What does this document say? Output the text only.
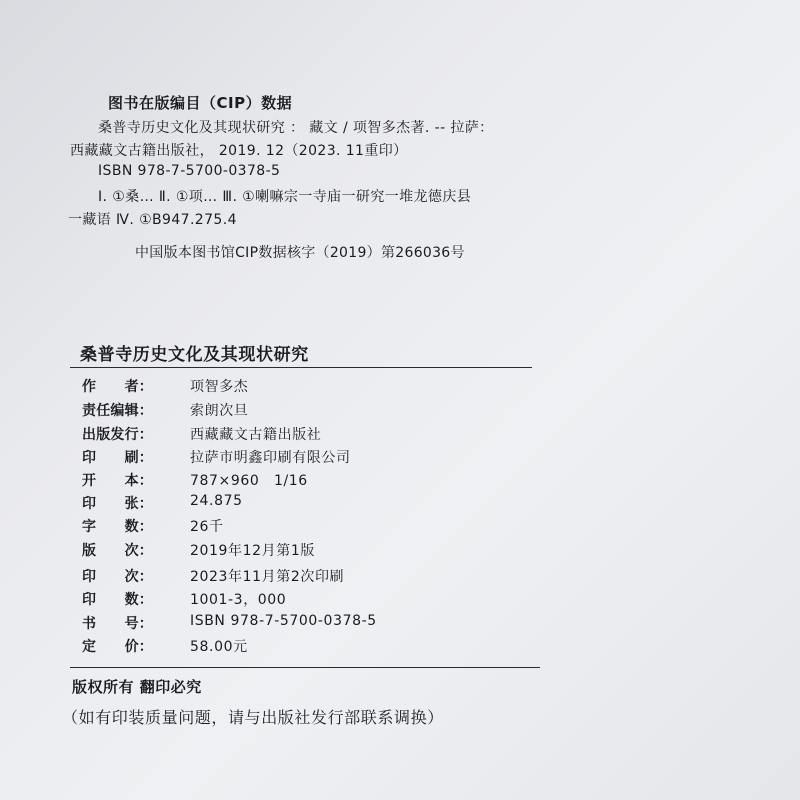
图书在版编目（CIP）数据
桑普寺历史文化及其现状研究 ： 藏文 / 项智多杰著. -- 拉萨：
西藏藏文古籍出版社， 2019. 12（2023. 11重印）
ISBN 978-7-5700-0378-5
Ⅰ. ①桑… Ⅱ. ①项… Ⅲ. ①喇嘛宗一寺庙一研究一堆龙德庆县
一藏语 Ⅳ. ①B947.275.4
中国版本图书馆CIP数据核字（2019）第266036号
桑普寺历史文化及其现状研究
作　　者：	项智多杰
责任编辑：	索朗次旦
出版发行：	西藏藏文古籍出版社
印　　刷：	拉萨市明鑫印刷有限公司
开　　本：	787×960　1/16
印　　张：	24.875
字　　数：	26千
版　　次：	2019年12月第1版
印　　次：	2023年11月第2次印刷
印　　数：	1001-3，000
书　　号：	ISBN 978-7-5700-0378-5
定　　价：	58.00元
版权所有 翻印必究
（如有印装质量问题，请与出版社发行部联系调换）
